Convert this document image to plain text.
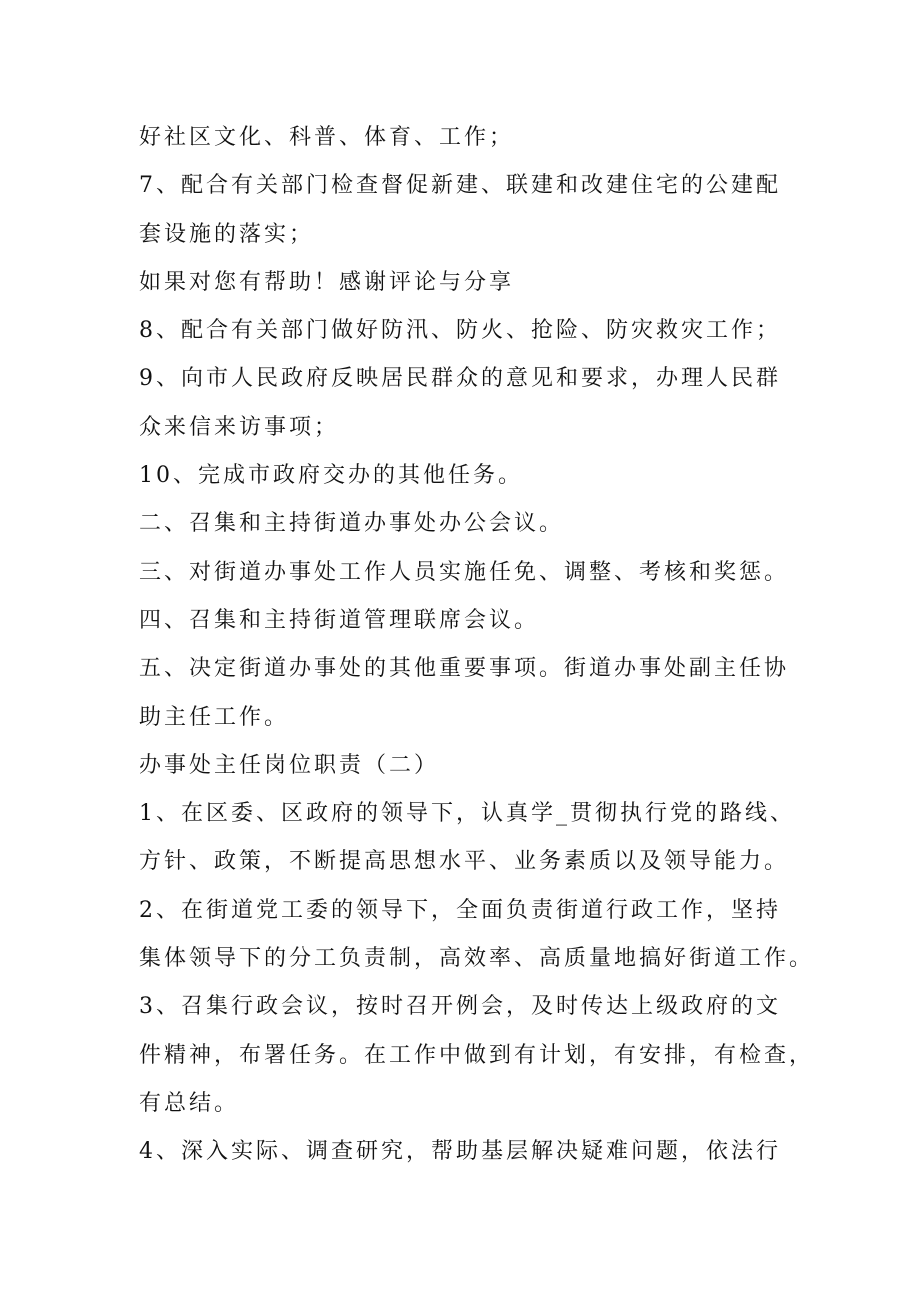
好社区文化、科普、体育、工作；
7、配合有关部门检查督促新建、联建和改建住宅的公建配
套设施的落实；
如果对您有帮助！感谢评论与分享
8、配合有关部门做好防汛、防火、抢险、防灾救灾工作；
9、向市人民政府反映居民群众的意见和要求，办理人民群
众来信来访事项；
10、完成市政府交办的其他任务。
二、召集和主持街道办事处办公会议。
三、对街道办事处工作人员实施任免、调整、考核和奖惩。
四、召集和主持街道管理联席会议。
五、决定街道办事处的其他重要事项。街道办事处副主任协
助主任工作。
办事处主任岗位职责（二）
1、在区委、区政府的领导下，认真学_贯彻执行党的路线、
方针、政策，不断提高思想水平、业务素质以及领导能力。
2、在街道党工委的领导下，全面负责街道行政工作，坚持
集体领导下的分工负责制，高效率、高质量地搞好街道工作。
3、召集行政会议，按时召开例会，及时传达上级政府的文
件精神，布署任务。在工作中做到有计划，有安排，有检查，
有总结。
4、深入实际、调查研究，帮助基层解决疑难问题，依法行
